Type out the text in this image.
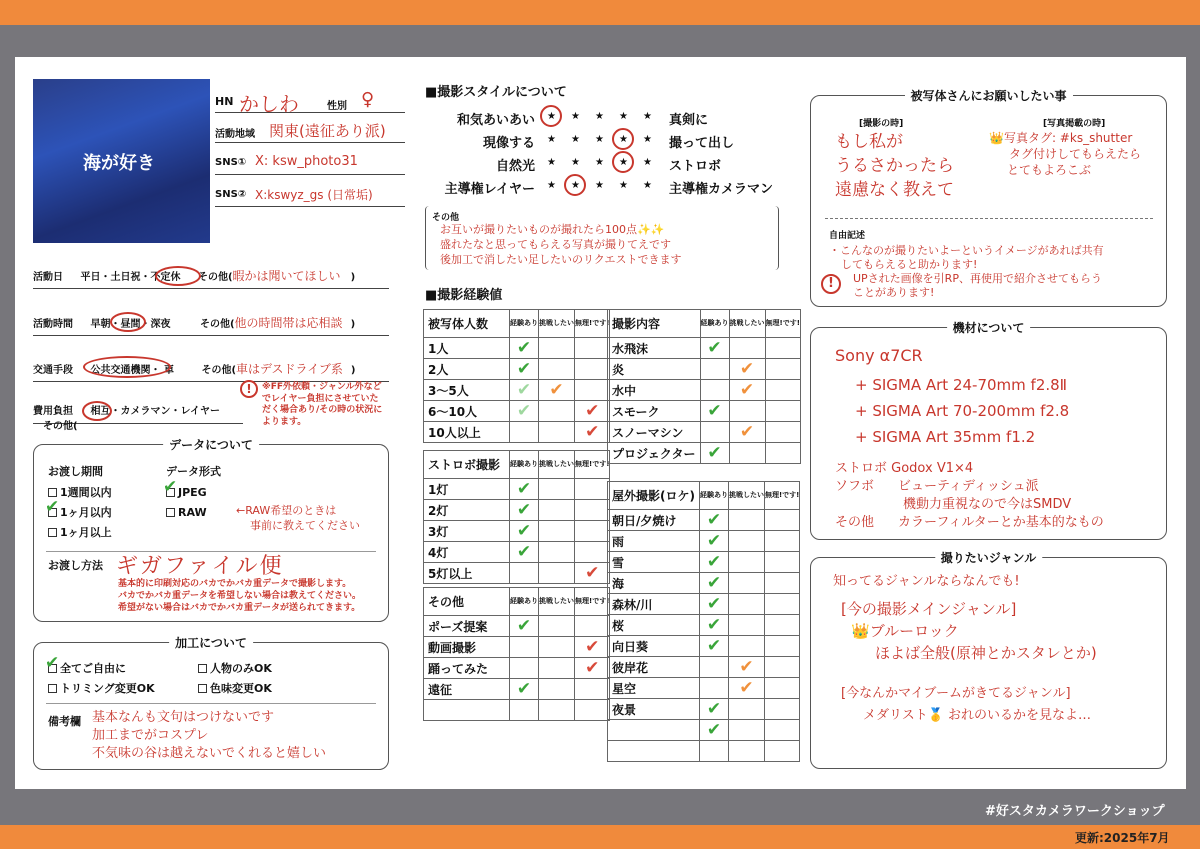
海が好き
HN かしわ	性別 ♀
活動地域 関東(遠征あり派)
SNS① X: ksw_photo31
SNS② X:kswyz_gs (日常垢)
活動日 平日・土日祝・不定休 その他(暇かは聞いてほしい )
活動時間 早朝・昼間・深夜	その他(他の時間帯は応相談 )
交通手段 公共交通機関・ 車	その他(車はデスドライブ系 )
!	※FF外依頼・ジャンル外などでレイヤー負担にさせていただく場合あり/その時の状況によります。
費用負担 相互・カメラマン・レイヤー その他(
データについて
お渡し期間
1週間以内
1ヶ月以内
✔
1ヶ月以上
データ形式
JPEG
✔
RAW	←RAW希望のときは
事前に教えてください
お渡し方法 ギガファイル便
基本的に印刷対応のバカでかバカ重データで撮影します。
バカでかバカ重データを希望しない場合は教えてください。
希望がない場合はバカでかバカ重データが送られてきます。
加工について
全てご自由に
✔	人物のみOK
トリミング変更OK	色味変更OK
備考欄 基本なんも文句はつけないです
加工までがコスプレ
不気味の谷は越えないでくれると嬉しい
■撮影スタイルについて
その他
お互いが撮りたいものが撮れたら100点✨✨
盛れたなと思ってもらえる写真が撮りてえです
後加工で消したい足したいのリクエストできます
■撮影経験値
被写体さんにお願いしたい事
[撮影の時]
もし私が
うるさかったら
遠慮なく教えて
[写真掲載の時]
👑写真タグ: #ks_shutter
タグ付けしてもらえたら
とてもよろこぶ
自由記述
・こんなのが撮りたいよーというイメージがあれば共有
してもらえると助かります!
UPされた画像を引RP、再使用で紹介させてもらう
ことがあります!
!
機材について
Sony α7CR
+ SIGMA Art 24-70mm f2.8Ⅱ
+ SIGMA Art 70-200mm f2.8
+ SIGMA Art 35mm f1.2
ストロボ Godox V1×4
ソフボ ビューティディッシュ派
機動力重視なので今はSMDV
その他 カラーフィルターとか基本的なもの
撮りたいジャンル
知ってるジャンルならなんでも!
[今の撮影メインジャンル]
👑ブルーロック
ほよば全般(原神とかスタレとか)
[今なんかマイブームがきてるジャンル]
メダリスト🥇 おれのいるかを見なよ…
和気あいあい ★ ★ ★ ★ ★ 真剣に
現像する ★ ★ ★ ★ ★ 撮って出し
自然光 ★ ★ ★ ★ ★ ストロボ
主導権レイヤー ★ ★ ★ ★ ★ 主導権カメラマン
被写体人数	経験あり	挑戦したい	無理!です!
1人	✔		
2人	✔		
3～5人	✔	✔	
6～10人	✔		✔
10人以上			✔
ストロボ撮影	経験あり	挑戦したい	無理!です!
1灯	✔		
2灯	✔		
3灯	✔		
4灯	✔		
5灯以上			✔
その他	経験あり	挑戦したい	無理!です!
ポーズ提案	✔		
動画撮影			✔
踊ってみた			✔
遠征	✔		

撮影内容	経験あり	挑戦したい	無理!です!
水飛沫	✔		
炎		✔	
水中		✔	
スモーク	✔		
スノーマシン		✔	
プロジェクター	✔		
屋外撮影(ロケ)	経験あり	挑戦したい	無理!です!
朝日/夕焼け	✔		
雨	✔		
雪	✔		
海	✔		
森林/川	✔		
桜	✔		
向日葵	✔		
彼岸花		✔	
星空		✔	
夜景	✔		
	✔		

#好スタカメラワークショップ
更新:2025年7月
